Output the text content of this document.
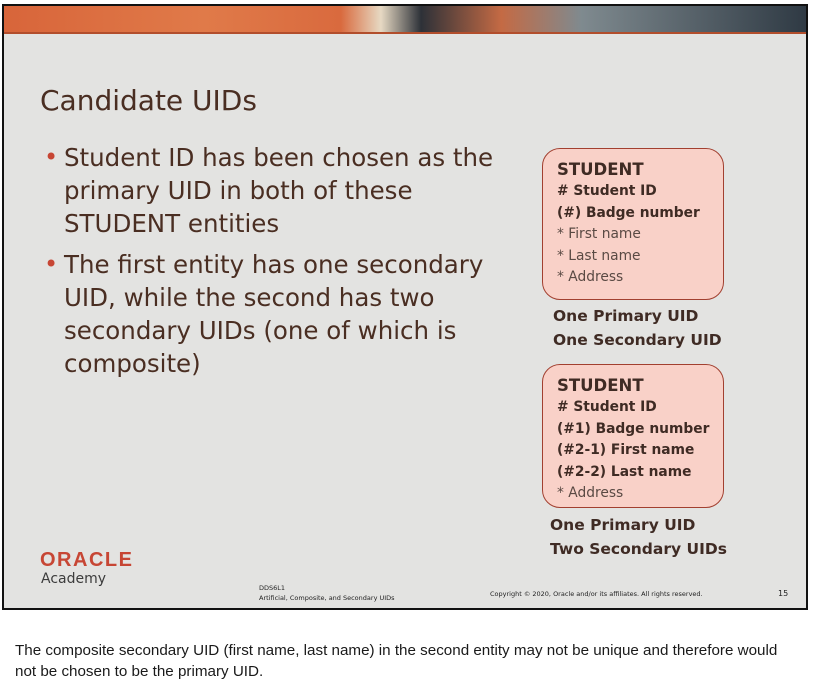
Candidate UIDs
• Student ID has been chosen as the primary UID in both of these STUDENT entities
• The first entity has one secondary UID, while the second has two secondary UIDs (one of which is composite)
STUDENT
# Student ID
(#) Badge number
* First name
* Last name
* Address
One Primary UID
One Secondary UID
STUDENT
# Student ID
(#1) Badge number
(#2-1) First name
(#2-2) Last name
* Address
One Primary UID
Two Secondary UIDs
ORACLE
Academy
DDS6L1
Artificial, Composite, and Secondary UIDs	Copyright © 2020, Oracle and/or its affiliates. All rights reserved.	15

The composite secondary UID (first name, last name) in the second entity may not be unique and therefore would not be chosen to be the primary UID.
